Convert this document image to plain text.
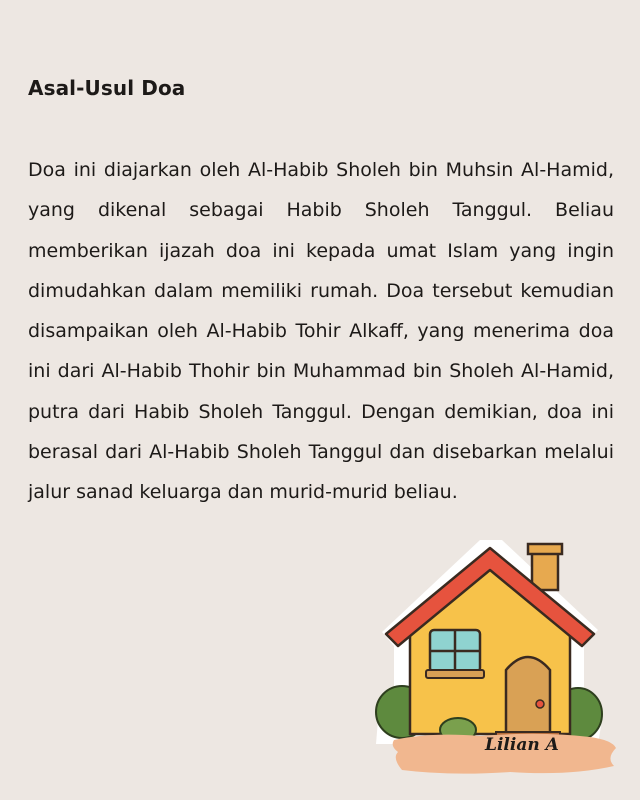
Asal-Usul Doa

Doa ini diajarkan oleh Al-Habib Sholeh bin Muhsin Al-Hamid, yang dikenal sebagai Habib Sholeh Tanggul. Beliau memberikan ijazah doa ini kepada umat Islam yang ingin dimudahkan dalam memiliki rumah. Doa tersebut kemudian disampaikan oleh Al-Habib Tohir Alkaff, yang menerima doa ini dari Al-Habib Thohir bin Muhammad bin Sholeh Al-Hamid, putra dari Habib Sholeh Tanggul. Dengan demikian, doa ini berasal dari Al-Habib Sholeh Tanggul dan disebarkan melalui jalur sanad keluarga dan murid-murid beliau.

Lilian A
